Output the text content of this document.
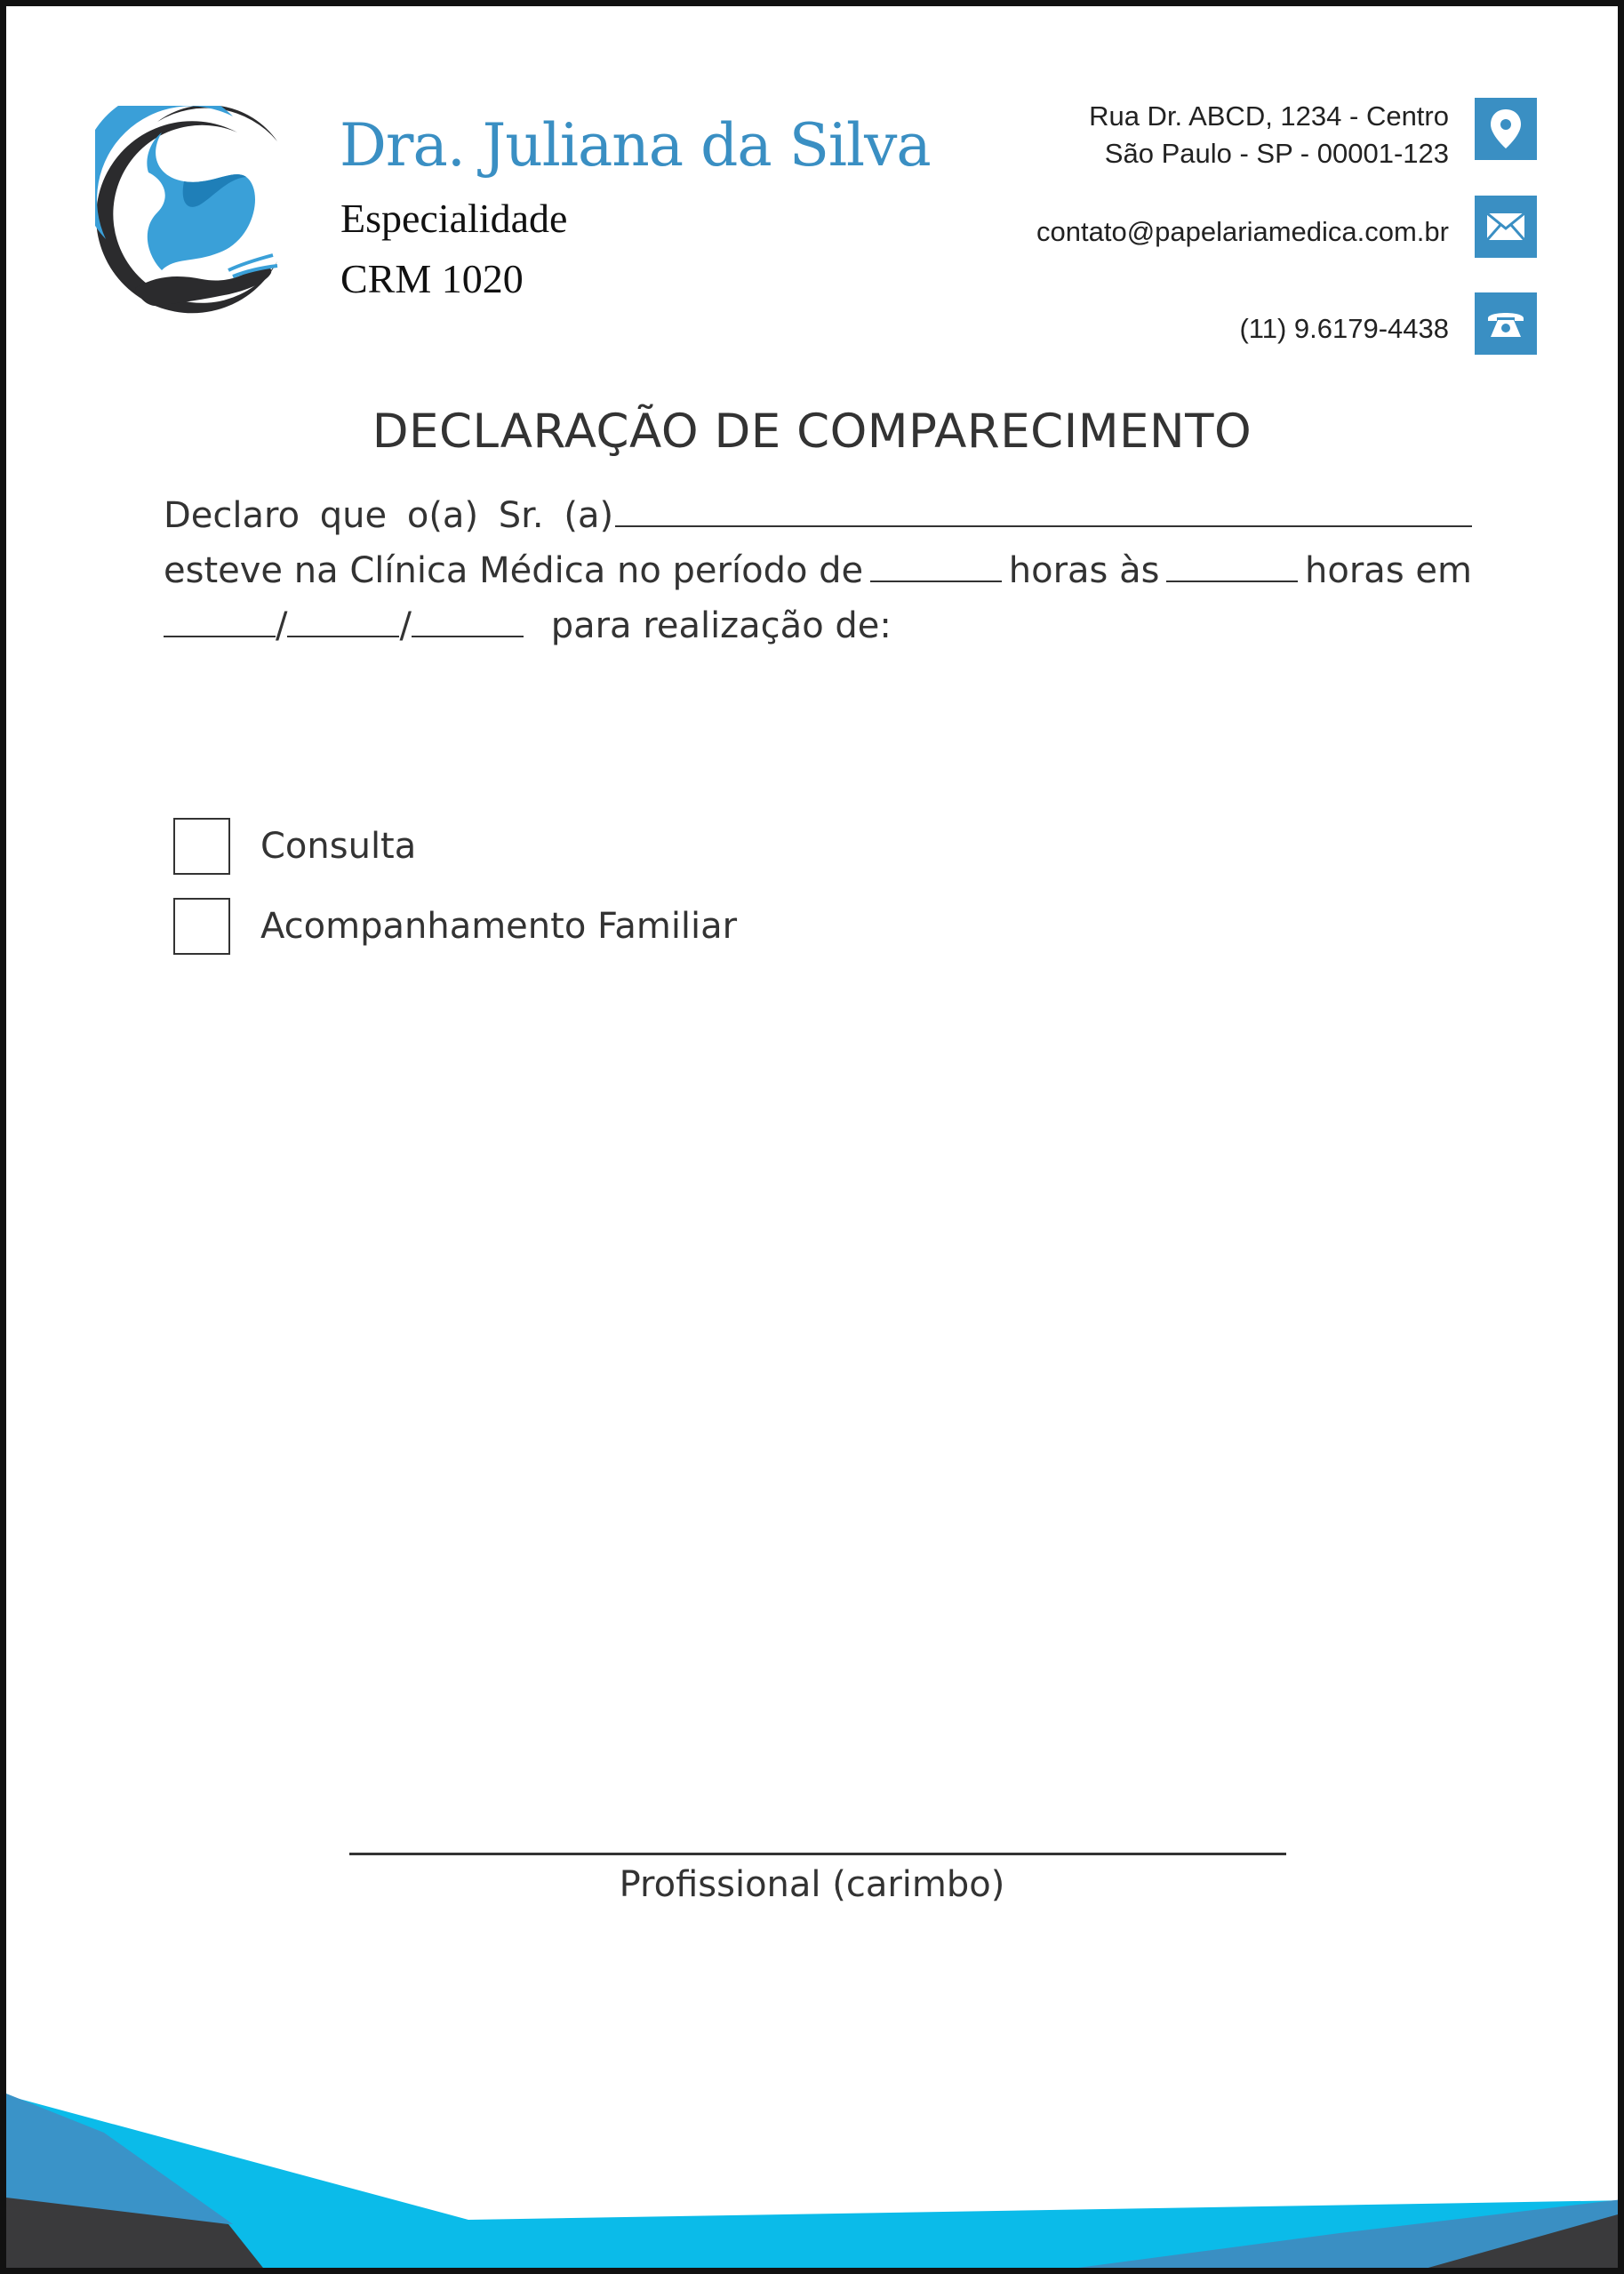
Dra. Juliana da Silva
Especialidade
CRM 1020
Rua Dr. ABCD, 1234 - Centro
São Paulo - SP - 00001-123
contato@papelariamedica.com.br
(11) 9.6179-4438
DECLARAÇÃO DE COMPARECIMENTO
Declaro que o(a) Sr. (a)
esteve na Clínica Médica no período de	horas às	horas em
/	/	para realização de:
Consulta
Acompanhamento Familiar
Profissional (carimbo)
